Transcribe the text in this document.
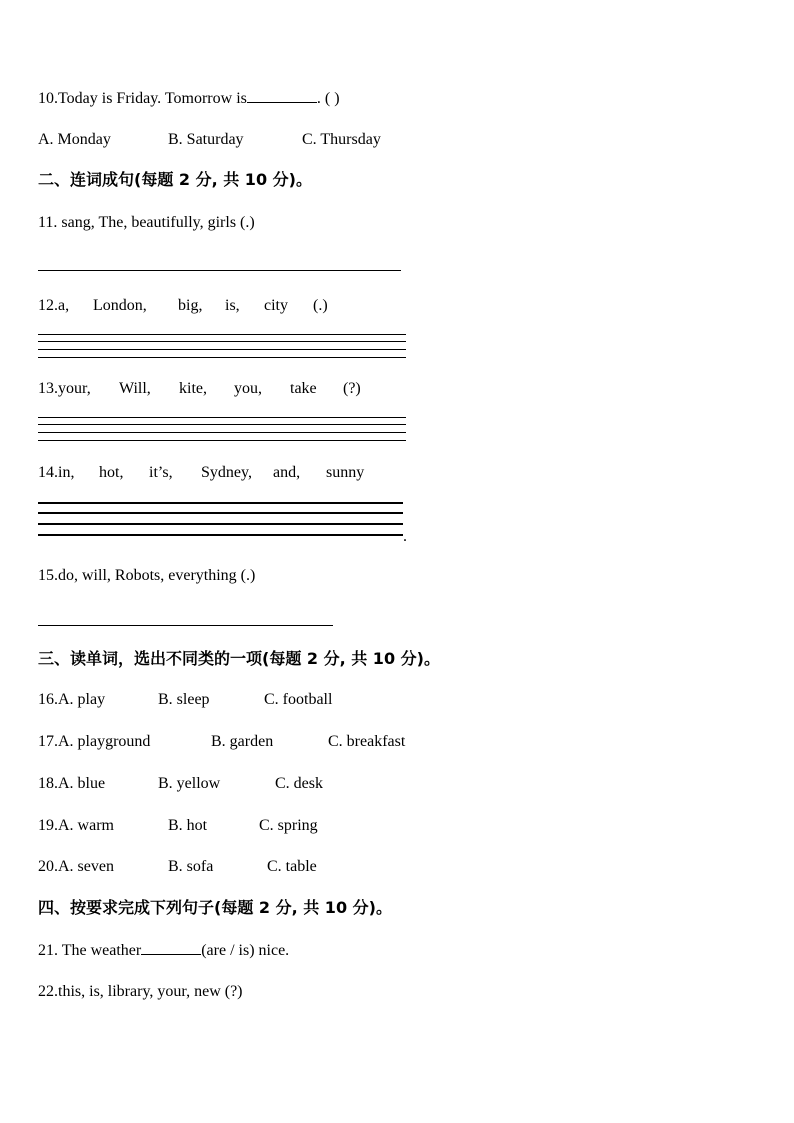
10.Today is Friday. Tomorrow is	. ( )
A. Monday	B. Saturday	C. Thursday
二、连词成句(每题 2 分, 共 10 分)。
11. sang, The, beautifully, girls (.)
12.a, London, big, is, city (.)
13.your, Will, kite, you, take (?)
14.in, hot, it’s, Sydney, and, sunny
.
15.do, will, Robots, everything (.)
三、读单词，选出不同类的一项(每题 2 分, 共 10 分)。
16.A. play	B. sleep	C. football
17.A. playground	B. garden	C. breakfast
18.A. blue	B. yellow	C. desk
19.A. warm	B. hot	C. spring
20.A. seven	B. sofa	C. table
四、按要求完成下列句子(每题 2 分, 共 10 分)。
21. The weather	(are / is) nice.
22.this, is, library, your, new (?)
